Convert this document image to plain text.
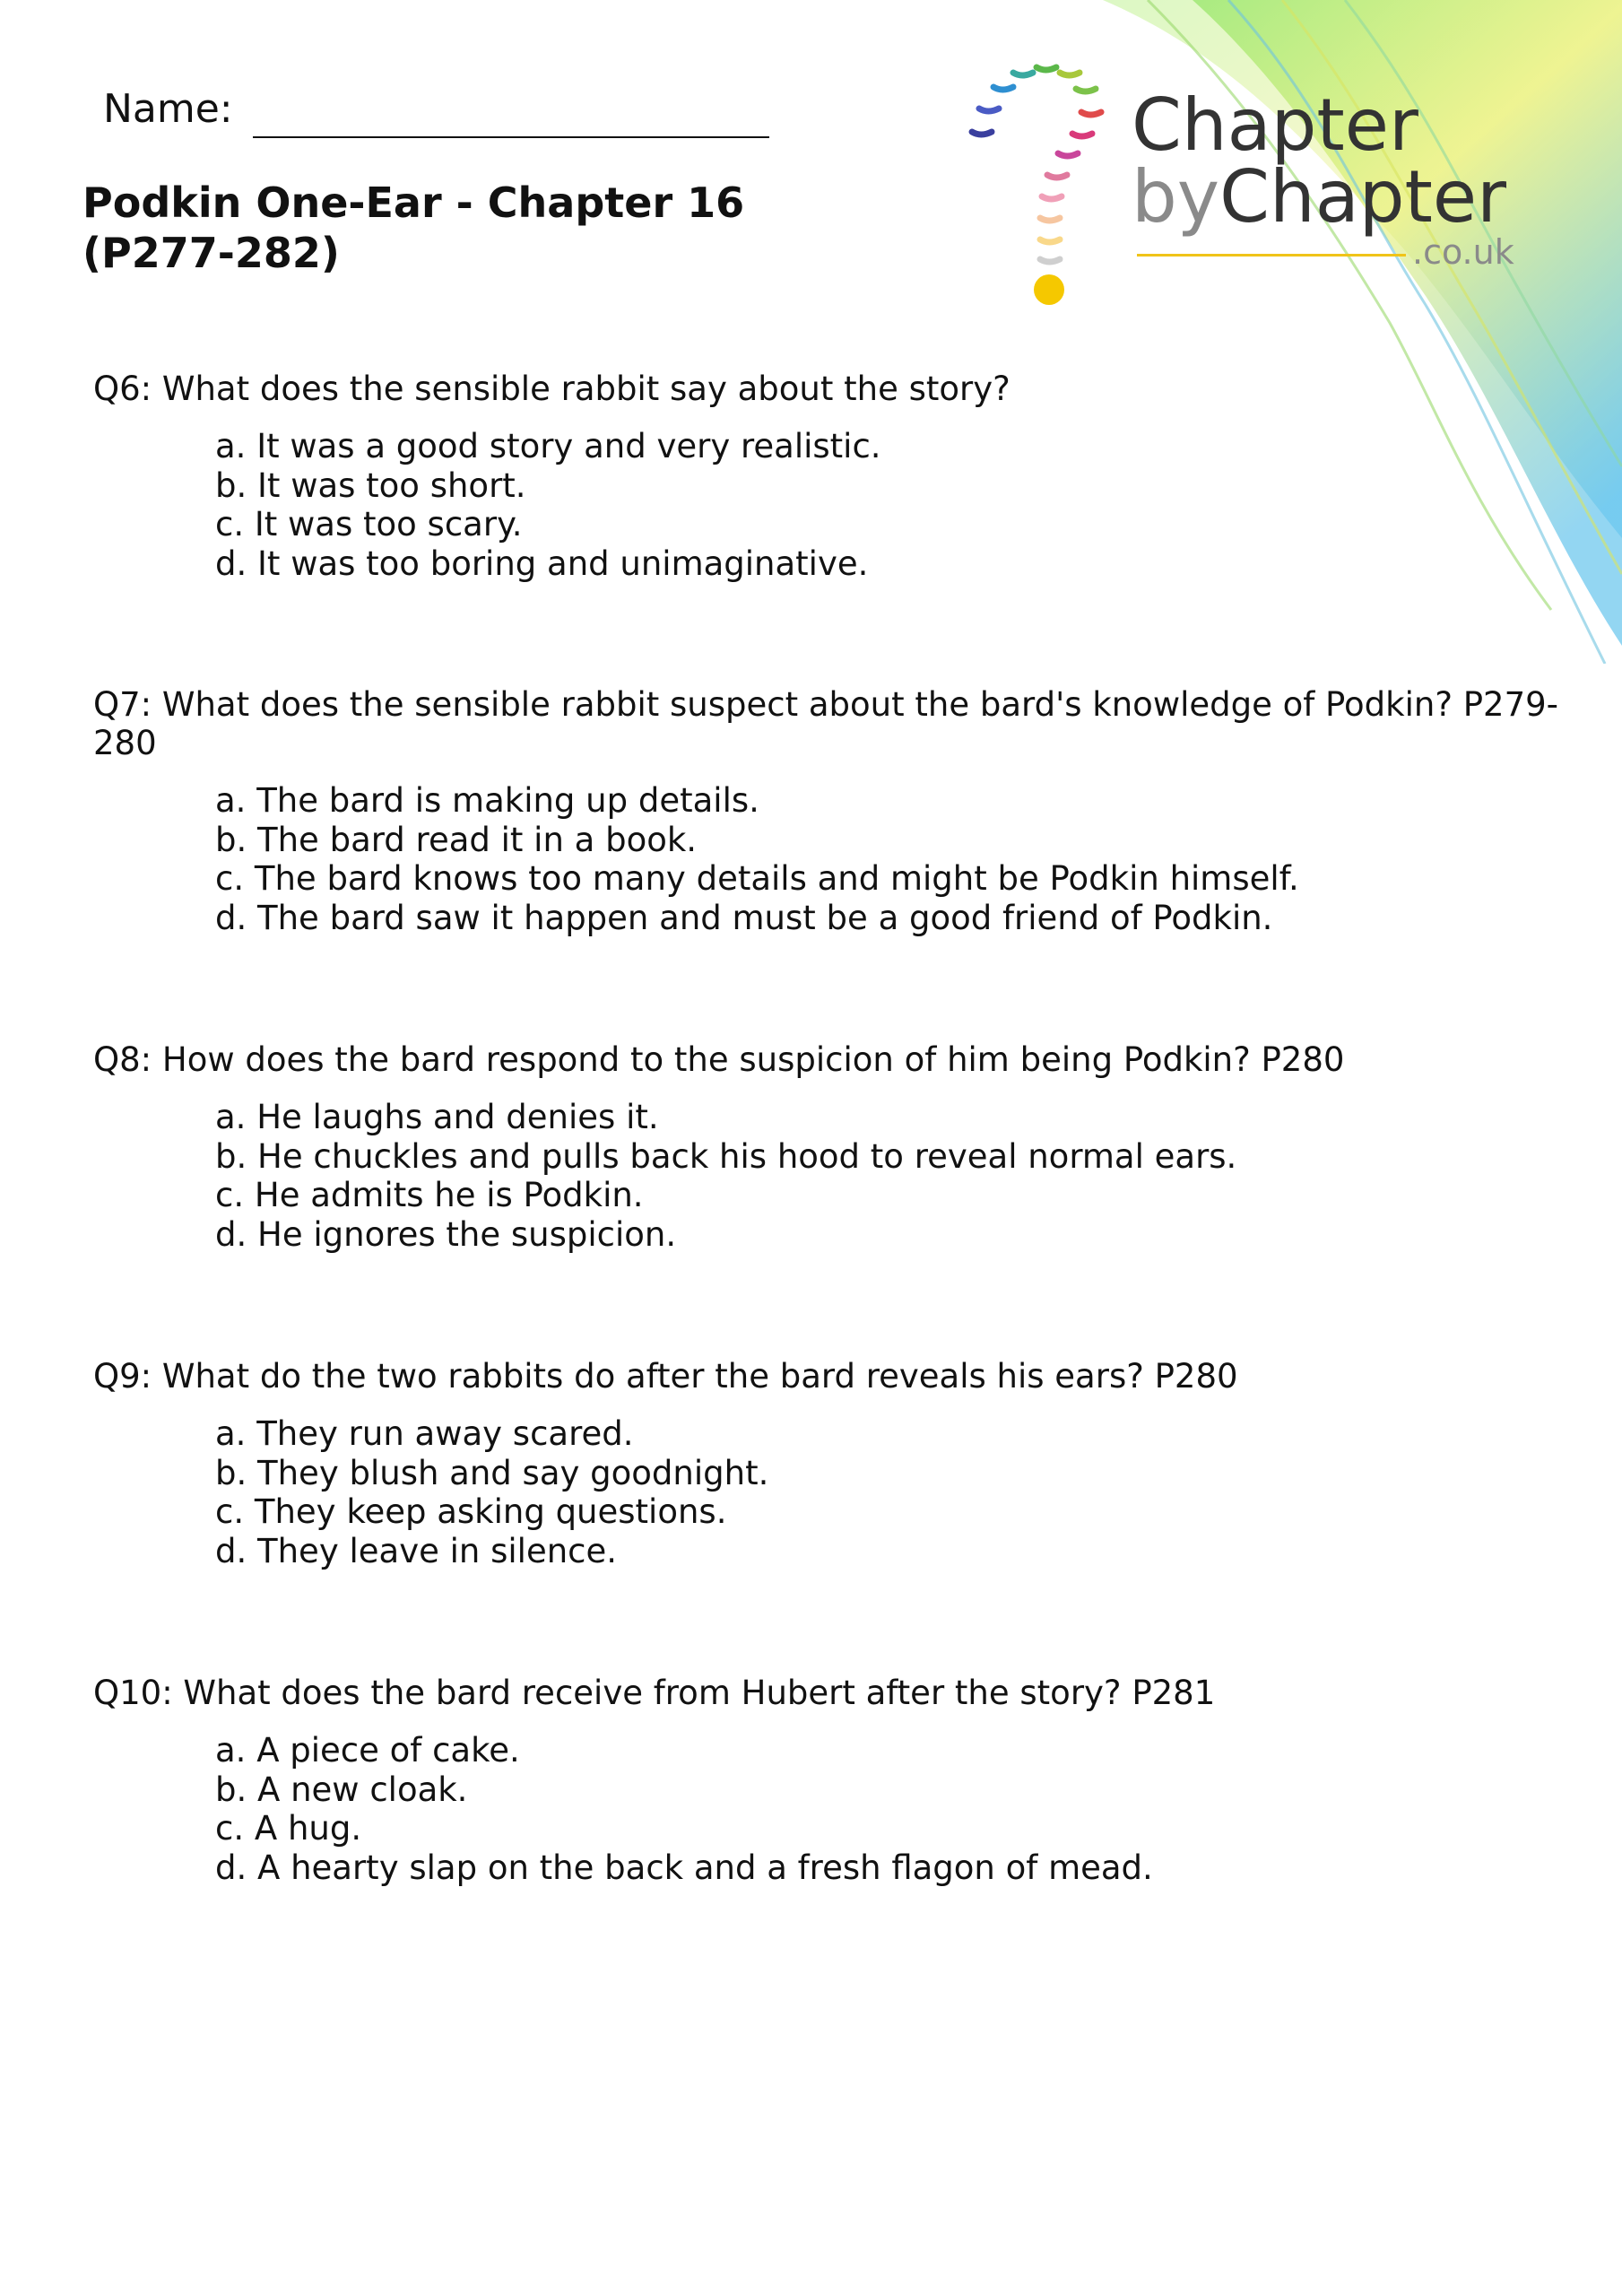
Chapter

byChapter

.co.uk

Name:
Podkin One-Ear - Chapter 16
(P277-282)

Q6: What does the sensible rabbit say about the story?

a. It was a good story and very realistic.
b. It was too short.
c. It was too scary.
d. It was too boring and unimaginative.

Q7: What does the sensible rabbit suspect about the bard's knowledge of Podkin? P279-280

a. The bard is making up details.
b. The bard read it in a book.
c. The bard knows too many details and might be Podkin himself.
d. The bard saw it happen and must be a good friend of Podkin.

Q8: How does the bard respond to the suspicion of him being Podkin? P280

a. He laughs and denies it.
b. He chuckles and pulls back his hood to reveal normal ears.
c. He admits he is Podkin.
d. He ignores the suspicion.

Q9: What do the two rabbits do after the bard reveals his ears? P280

a. They run away scared.
b. They blush and say goodnight.
c. They keep asking questions.
d. They leave in silence.

Q10: What does the bard receive from Hubert after the story? P281

a. A piece of cake.
b. A new cloak.
c. A hug.
d. A hearty slap on the back and a fresh flagon of mead.
